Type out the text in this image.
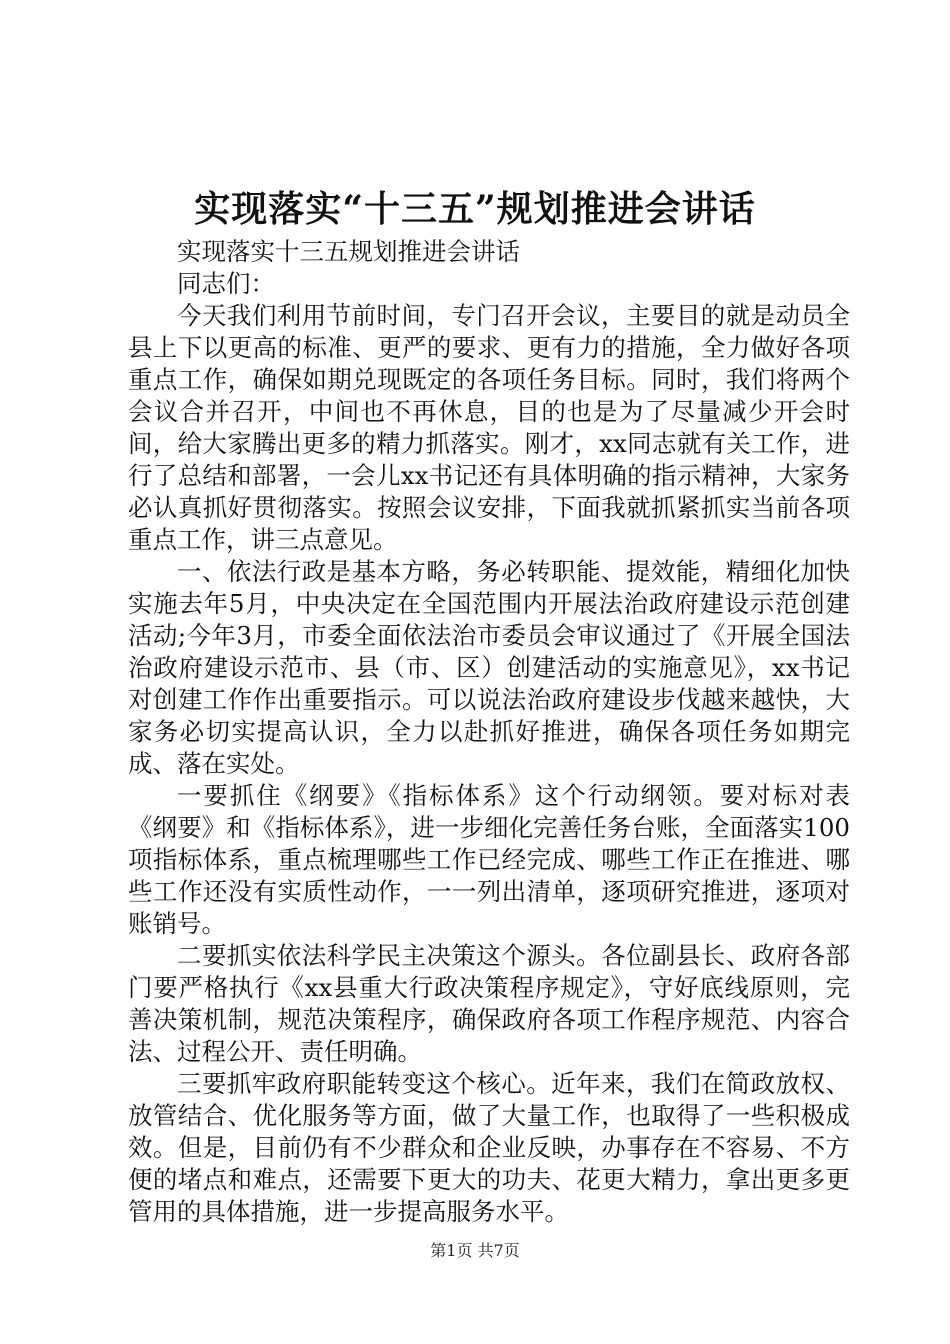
实现落实“十三五”规划推进会讲话

实现落实十三五规划推进会讲话

同志们：

今天我们利用节前时间，专门召开会议，主要目的就是动员全县上下以更高的标准、更严的要求、更有力的措施，全力做好各项重点工作，确保如期兑现既定的各项任务目标。同时，我们将两个会议合并召开，中间也不再休息，目的也是为了尽量减少开会时间，给大家腾出更多的精力抓落实。刚才，xx同志就有关工作，进行了总结和部署，一会儿xx书记还有具体明确的指示精神，大家务必认真抓好贯彻落实。按照会议安排，下面我就抓紧抓实当前各项重点工作，讲三点意见。

一、依法行政是基本方略，务必转职能、提效能，精细化加快实施去年5月，中央决定在全国范围内开展法治政府建设示范创建活动;今年3月，市委全面依法治市委员会审议通过了《开展全国法治政府建设示范市、县（市、区）创建活动的实施意见》，xx书记对创建工作作出重要指示。可以说法治政府建设步伐越来越快，大家务必切实提高认识，全力以赴抓好推进，确保各项任务如期完成、落在实处。

一要抓住《纲要》《指标体系》这个行动纲领。要对标对表《纲要》和《指标体系》，进一步细化完善任务台账，全面落实100项指标体系，重点梳理哪些工作已经完成、哪些工作正在推进、哪些工作还没有实质性动作，一一列出清单，逐项研究推进，逐项对账销号。

二要抓实依法科学民主决策这个源头。各位副县长、政府各部门要严格执行《xx县重大行政决策程序规定》，守好底线原则，完善决策机制，规范决策程序，确保政府各项工作程序规范、内容合法、过程公开、责任明确。

三要抓牢政府职能转变这个核心。近年来，我们在简政放权、放管结合、优化服务等方面，做了大量工作，也取得了一些积极成效。但是，目前仍有不少群众和企业反映，办事存在不容易、不方便的堵点和难点，还需要下更大的功夫、花更大精力，拿出更多更管用的具体措施，进一步提高服务水平。

第1页 共7页
